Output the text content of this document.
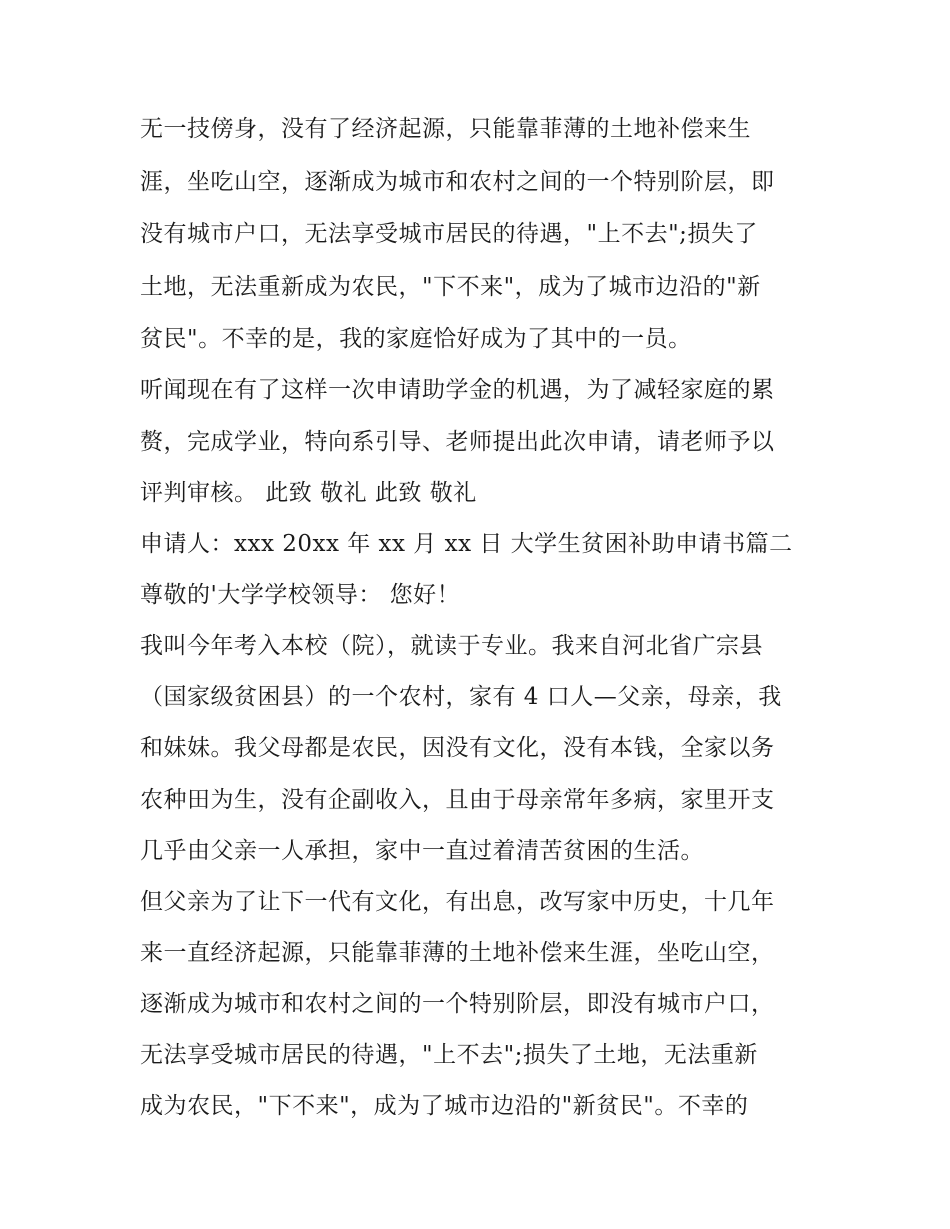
无一技傍身，没有了经济起源，只能靠菲薄的土地补偿来生
涯，坐吃山空，逐渐成为城市和农村之间的一个特别阶层，即
没有城市户口，无法享受城市居民的待遇，"上不去";损失了
土地，无法重新成为农民，"下不来"，成为了城市边沿的"新
贫民"。不幸的是，我的家庭恰好成为了其中的一员。
听闻现在有了这样一次申请助学金的机遇，为了减轻家庭的累
赘，完成学业，特向系引导、老师提出此次申请，请老师予以
评判审核。 此致 敬礼 此致 敬礼
申请人：xxx 20xx 年 xx 月 xx 日 大学生贫困补助申请书篇二
尊敬的'大学学校领导： 您好！
我叫今年考入本校（院），就读于专业。我来自河北省广宗县
（国家级贫困县）的一个农村，家有 4 口人—父亲，母亲，我
和妹妹。我父母都是农民，因没有文化，没有本钱，全家以务
农种田为生，没有企副收入，且由于母亲常年多病，家里开支
几乎由父亲一人承担，家中一直过着清苦贫困的生活。
但父亲为了让下一代有文化，有出息，改写家中历史，十几年
来一直经济起源，只能靠菲薄的土地补偿来生涯，坐吃山空，
逐渐成为城市和农村之间的一个特别阶层，即没有城市户口，
无法享受城市居民的待遇，"上不去";损失了土地，无法重新
成为农民，"下不来"，成为了城市边沿的"新贫民"。不幸的
